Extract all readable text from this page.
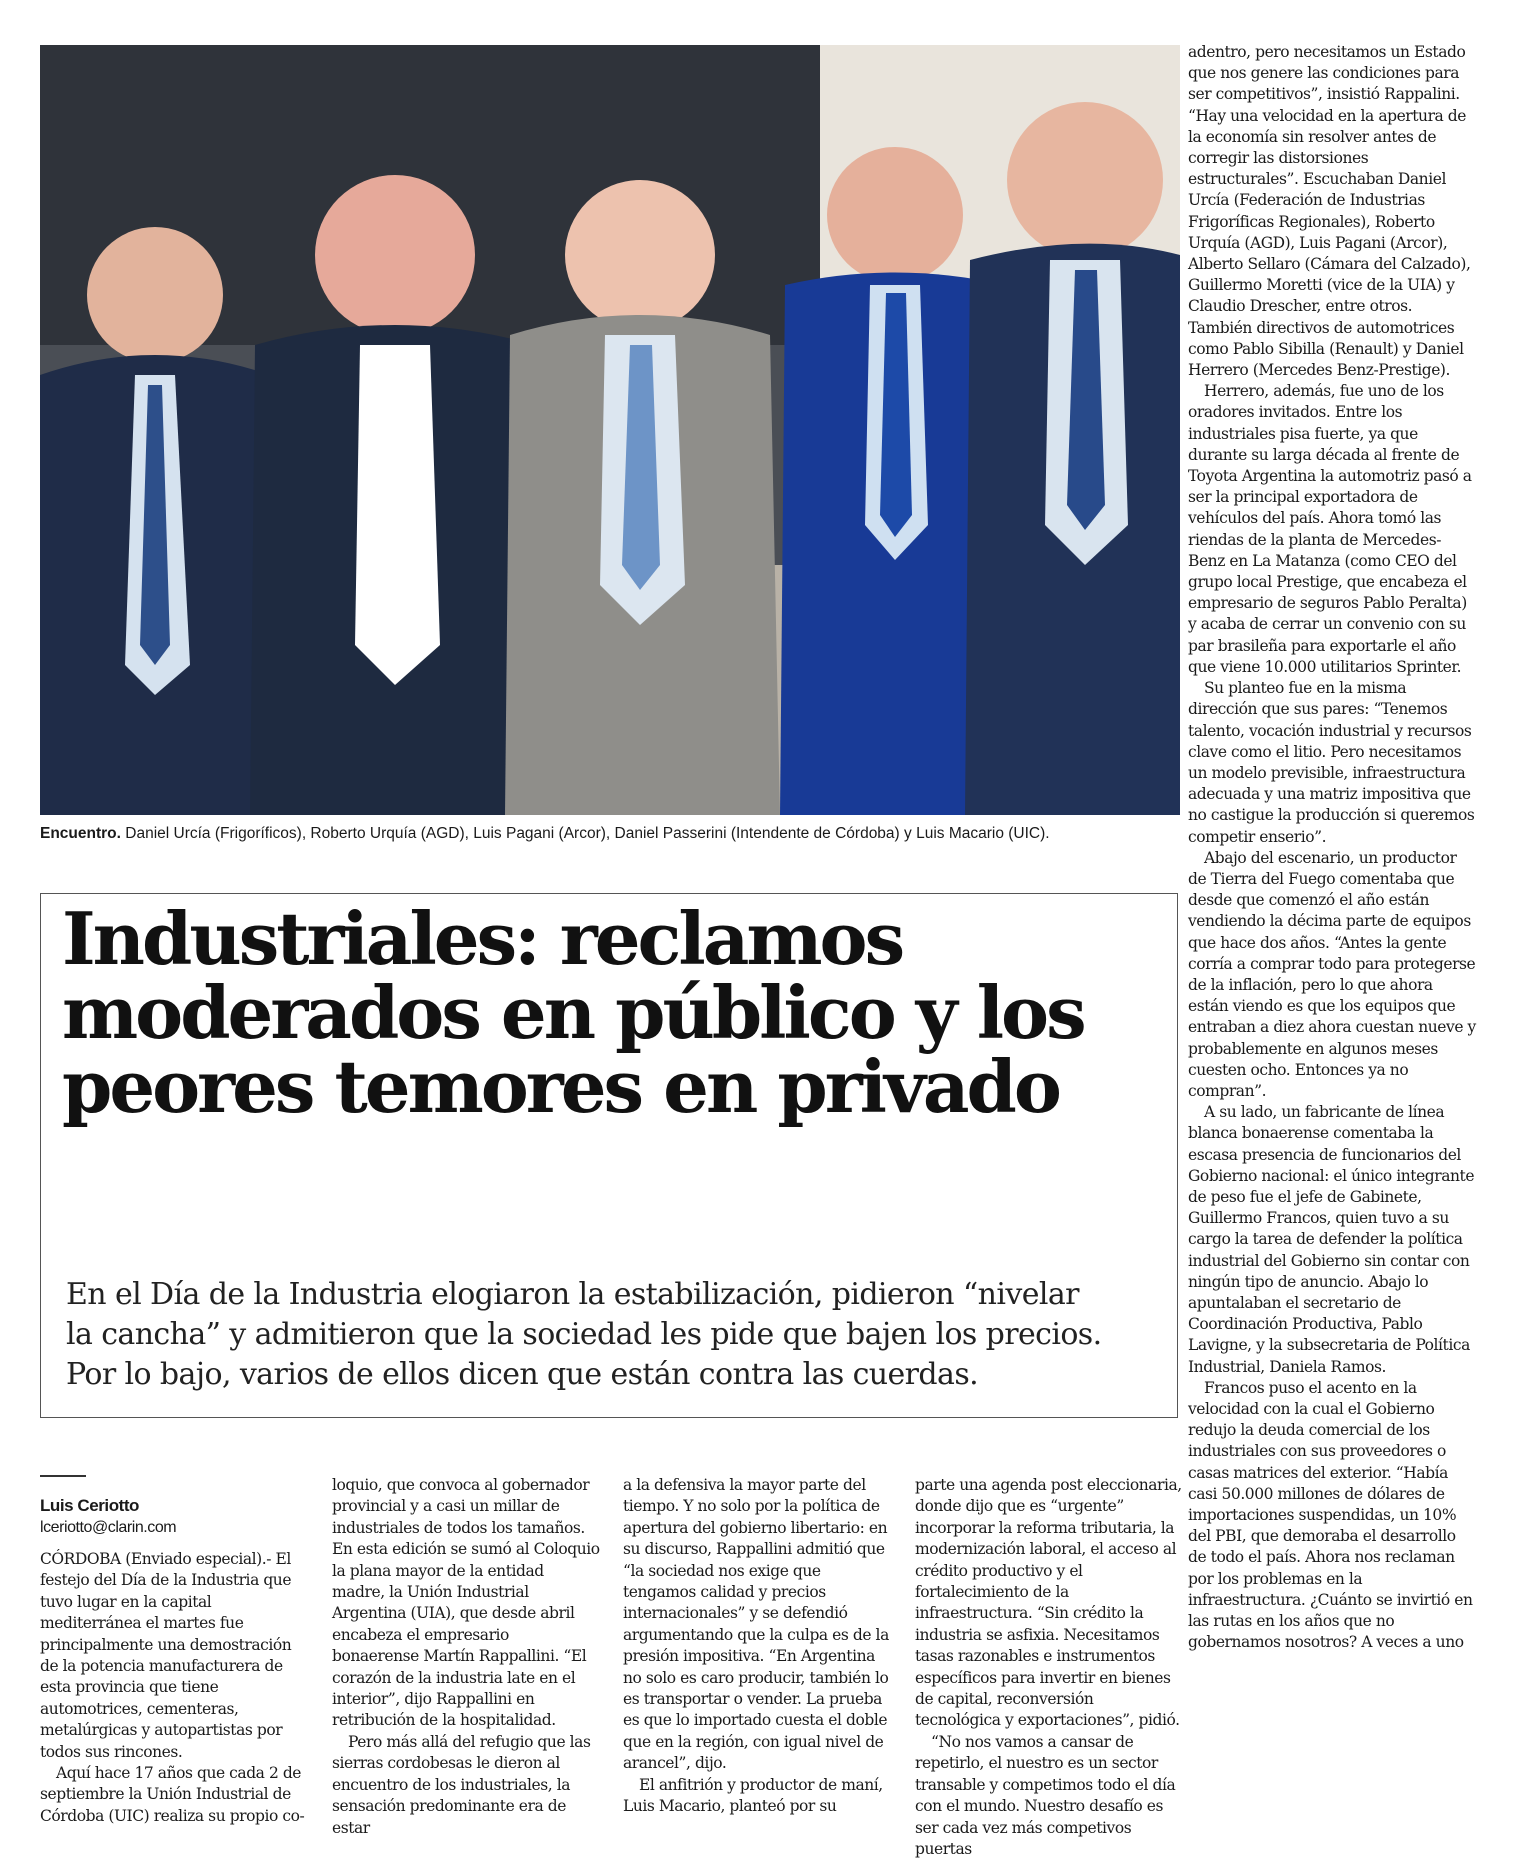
Encuentro. Daniel Urcía (Frigoríficos), Roberto Urquía (AGD), Luis Pagani (Arcor), Daniel Passerini (Intendente de Córdoba) y Luis Macario (UIC).
Industriales: reclamos
moderados en público y los
peores temores en privado
En el Día de la Industria elogiaron la estabilización, pidieron “nivelar
la cancha” y admitieron que la sociedad les pide que bajen los precios.
Por lo bajo, varios de ellos dicen que están contra las cuerdas.
Luis Ceriotto
lceriotto@clarin.com

CÓRDOBA (Enviado especial).- El festejo del Día de la Industria que tuvo lugar en la capital mediterránea el martes fue principalmente una demostración de la potencia manufacturera de esta provincia que tiene automotrices, cementeras, metalúrgicas y autopartistas por todos sus rincones.

Aquí hace 17 años que cada 2 de septiembre la Unión Industrial de Córdoba (UIC) realiza su propio co-

loquio, que convoca al gobernador provincial y a casi un millar de industriales de todos los tamaños. En esta edición se sumó al Coloquio la plana mayor de la entidad madre, la Unión Industrial Argentina (UIA), que desde abril encabeza el empresario bonaerense Martín Rappallini. “El corazón de la industria late en el interior”, dijo Rappallini en retribución de la hospitalidad.

Pero más allá del refugio que las sierras cordobesas le dieron al encuentro de los industriales, la sensación predominante era de estar

a la defensiva la mayor parte del tiempo. Y no solo por la política de apertura del gobierno libertario: en su discurso, Rappallini admitió que “la sociedad nos exige que tengamos calidad y precios internacionales” y se defendió argumentando que la culpa es de la presión impositiva. “En Argentina no solo es caro producir, también lo es transportar o vender. La prueba es que lo importado cuesta el doble que en la región, con igual nivel de arancel”, dijo.

El anfitrión y productor de maní, Luis Macario, planteó por su

parte una agenda post eleccionaria, donde dijo que es “urgente” incorporar la reforma tributaria, la modernización laboral, el acceso al crédito productivo y el fortalecimiento de la infraestructura. “Sin crédito la industria se asfixia. Necesitamos tasas razonables e instrumentos específicos para invertir en bienes de capital, reconversión tecnológica y exportaciones”, pidió.

“No nos vamos a cansar de repetirlo, el nuestro es un sector transable y competimos todo el día con el mundo. Nuestro desafío es ser cada vez más competivos puertas

adentro, pero necesitamos un Estado que nos genere las condiciones para ser competitivos”, insistió Rappalini. “Hay una velocidad en la apertura de la economía sin resolver antes de corregir las distorsiones estructurales”. Escuchaban Daniel Urcía (Federación de Industrias Frigoríficas Regionales), Roberto Urquía (AGD), Luis Pagani (Arcor), Alberto Sellaro (Cámara del Calzado), Guillermo Moretti (vice de la UIA) y Claudio Drescher, entre otros. También directivos de automotrices como Pablo Sibilla (Renault) y Daniel Herrero (Mercedes Benz-Prestige).

Herrero, además, fue uno de los oradores invitados. Entre los industriales pisa fuerte, ya que durante su larga década al frente de Toyota Argentina la automotriz pasó a ser la principal exportadora de vehículos del país. Ahora tomó las riendas de la planta de Mercedes-Benz en La Matanza (como CEO del grupo local Prestige, que encabeza el empresario de seguros Pablo Peralta) y acaba de cerrar un convenio con su par brasileña para exportarle el año que viene 10.000 utilitarios Sprinter.

Su planteo fue en la misma dirección que sus pares: “Tenemos talento, vocación industrial y recursos clave como el litio. Pero necesitamos un modelo previsible, infraestructura adecuada y una matriz impositiva que no castigue la producción si queremos competir enserio”.

Abajo del escenario, un productor de Tierra del Fuego comentaba que desde que comenzó el año están vendiendo la décima parte de equipos que hace dos años. “Antes la gente corría a comprar todo para protegerse de la inflación, pero lo que ahora están viendo es que los equipos que entraban a diez ahora cuestan nueve y probablemente en algunos meses cuesten ocho. Entonces ya no compran”.

A su lado, un fabricante de línea blanca bonaerense comentaba la escasa presencia de funcionarios del Gobierno nacional: el único integrante de peso fue el jefe de Gabinete, Guillermo Francos, quien tuvo a su cargo la tarea de defender la política industrial del Gobierno sin contar con ningún tipo de anuncio. Abajo lo apuntalaban el secretario de Coordinación Productiva, Pablo Lavigne, y la subsecretaria de Política Industrial, Daniela Ramos.

Francos puso el acento en la velocidad con la cual el Gobierno redujo la deuda comercial de los industriales con sus proveedores o casas matrices del exterior. “Había casi 50.000 millones de dólares de importaciones suspendidas, un 10% del PBI, que demoraba el desarrollo de todo el país. Ahora nos reclaman por los problemas en la infraestructura. ¿Cuánto se invirtió en las rutas en los años que no gobernamos nosotros? A veces a uno
